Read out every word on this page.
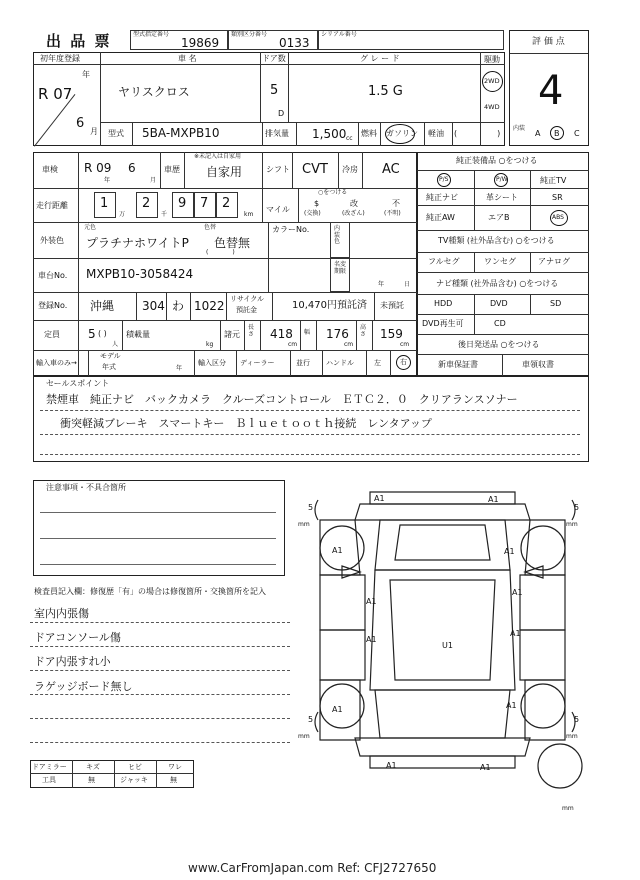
出 品 票	型式指定番号
19869
類別区分番号
0133
シリアル番号
評 価 点
4
初年度登録
年
R 07
6
月
車 名
ヤリスクロス
ドア数
5
D
グ レ ー ド
1.5 G
駆動
2WD
4WD
型式 5BA-MXPB10	排気量 1,500 cc
燃料 ガソリン 軽油 (　　　　　)
内装
A B C
車検 R 09
年
6
月
車歴
※未記入は自家用
自家用	シフト CVT 冷房 AC
走行距離 1
万
2
千
9 7 2
km
マイル
○をつける
$
(交換)
改
(改ざん)
不
(不明)
外装色
元色
プラチナホワイトP
色替
色替無
(　　　　)
カラーNo.	内装色
車台No. MXPB10-3058424
名変期限
年	日
登録No. 沖縄 304 わ 1022 リサイクル
預託金	10,470円預託済 未預託
定員 5 ( )
人
積載量
kg
諸元
長さ 418
cm
幅 176
cm
高さ 159
cm
輸入車のみ→
モデル
年式	年
輸入区分 ディーラー	並行 ハンドル	左	右
純正装備品 ○をつける
P/S	P/W	純正TV
純正ナビ	革シート	SR
純正AW	エアB	ABS
TV種類 (社外品含む) ○をつける
フルセグ	ワンセグ	アナログ
ナビ種類 (社外品含む) ○をつける
HDD	DVD	SD
DVD再生可	CD
後日発送品 ○をつける
新車保証書	車領収書
セールスポイント
禁煙車　純正ナビ　バックカメラ　クルーズコントロール　ＥＴＣ２．０　クリアランスソナー
衝突軽減ブレーキ　スマートキー　Ｂｌｕｅｔｏｏｔｈ接続　レンタアップ
注意事項・不具合箇所
検査員記入欄：修復歴「有」の場合は修復箇所・交換箇所を記入
室内内張傷
ドアコンソール傷
ドア内張すれ小
ラゲッジボード無し
ドアミラー	キズ	ヒビ	ワレ
工具	無	ジャッキ	無
A1	A1
A1
A1
A1
A1
A1
A1	A1
U1
A1	A1
A1
5	5
5	5
mm	mm
mm	mm
mm
www.CarFromJapan.com Ref: CFJ2727650
